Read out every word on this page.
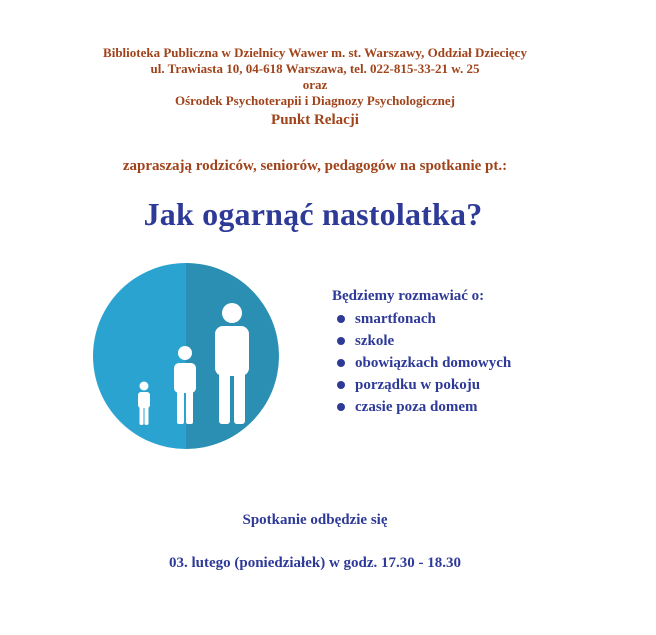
Biblioteka Publiczna w Dzielnicy Wawer m. st. Warszawy, Oddział Dziecięcy
ul. Trawiasta 10, 04-618 Warszawa, tel. 022-815-33-21 w. 25
oraz
Ośrodek Psychoterapii i Diagnozy Psychologicznej
Punkt Relacji
zapraszają rodziców, seniorów, pedagogów na spotkanie pt.:
Jak ogarnąć nastolatka?
Będziemy rozmawiać o:
smartfonach
szkole
obowiązkach domowych
porządku w pokoju
czasie poza domem
Spotkanie odbędzie się
03. lutego (poniedziałek) w godz. 17.30 - 18.30
